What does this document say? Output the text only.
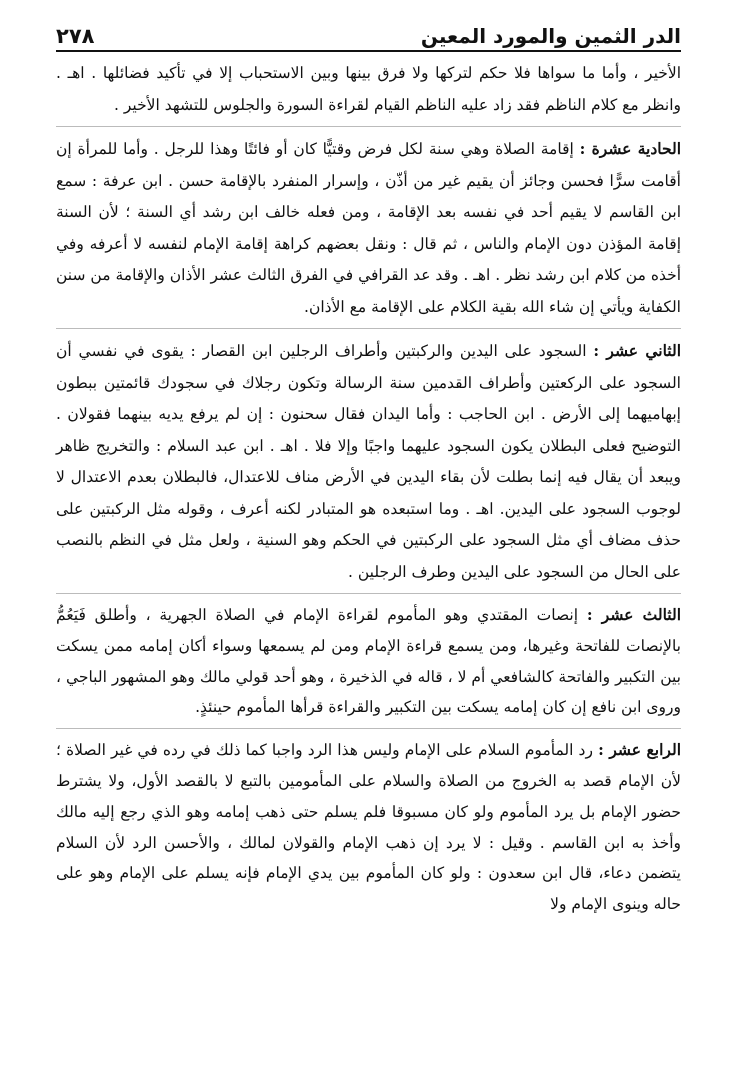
الدر الثمين والمورد المعين
٢٧٨

الأخير ، وأما ما سواها فلا حكم لتركها ولا فرق بينها وبين الاستحباب إلا في تأكيد فضائلها . اهـ . وانظر مع كلام الناظم فقد زاد عليه الناظم القيام لقراءة السورة والجلوس للتشهد الأخير .

الحادية عشرة : إقامة الصلاة وهي سنة لكل فرض وقتيًّا كان أو فائتًا وهذا للرجل . وأما للمرأة إن أقامت سرًّا فحسن وجائز أن يقيم غير من أذّن ، وإسرار المنفرد بالإقامة حسن . ابن عرفة : سمع ابن القاسم لا يقيم أحد في نفسه بعد الإقامة ، ومن فعله خالف ابن رشد أي السنة ؛ لأن السنة إقامة المؤذن دون الإمام والناس ، ثم قال : ونقل بعضهم كراهة إقامة الإمام لنفسه لا أعرفه وفي أخذه من كلام ابن رشد نظر . اهـ . وقد عد القرافي في الفرق الثالث عشر الأذان والإقامة من سنن الكفاية ويأتي إن شاء الله بقية الكلام على الإقامة مع الأذان.

الثاني عشر : السجود على اليدين والركبتين وأطراف الرجلين ابن القصار : يقوى في نفسي أن السجود على الركعتين وأطراف القدمين سنة الرسالة وتكون رجلاك في سجودك قائمتين ببطون إبهاميهما إلى الأرض . ابن الحاجب : وأما اليدان فقال سحنون : إن لم يرفع يديه بينهما فقولان . التوضيح فعلى البطلان يكون السجود عليهما واجبًا وإلا فلا . اهـ . ابن عبد السلام : والتخريج ظاهر ويبعد أن يقال فيه إنما بطلت لأن بقاء اليدين في الأرض مناف للاعتدال، فالبطلان بعدم الاعتدال لا لوجوب السجود على اليدين. اهـ . وما استبعده هو المتبادر لكنه أعرف ، وقوله مثل الركبتين على حذف مضاف أي مثل السجود على الركبتين في الحكم وهو السنية ، ولعل مثل في النظم بالنصب على الحال من السجود على اليدين وطرف الرجلين .

الثالث عشر : إنصات المقتدي وهو المأموم لقراءة الإمام في الصلاة الجهرية ، وأطلق فَيَعُمُّ بالإنصات للفاتحة وغيرها، ومن يسمع قراءة الإمام ومن لم يسمعها وسواء أكان إمامه ممن يسكت بين التكبير والفاتحة كالشافعي أم لا ، قاله في الذخيرة ، وهو أحد قولي مالك وهو المشهور الباجي ، وروى ابن نافع إن كان إمامه يسكت بين التكبير والقراءة قرأها المأموم حينئذٍ.

الرابع عشر : رد المأموم السلام على الإمام وليس هذا الرد واجبا كما ذلك في رده في غير الصلاة ؛ لأن الإمام قصد به الخروج من الصلاة والسلام على المأمومين بالتبع لا بالقصد الأول، ولا يشترط حضور الإمام بل يرد المأموم ولو كان مسبوقا فلم يسلم حتى ذهب إمامه وهو الذي رجع إليه مالك وأخذ به ابن القاسم . وقيل : لا يرد إن ذهب الإمام والقولان لمالك ، والأحسن الرد لأن السلام يتضمن دعاء، قال ابن سعدون : ولو كان المأموم بين يدي الإمام فإنه يسلم على الإمام وهو على حاله وينوى الإمام ولا
